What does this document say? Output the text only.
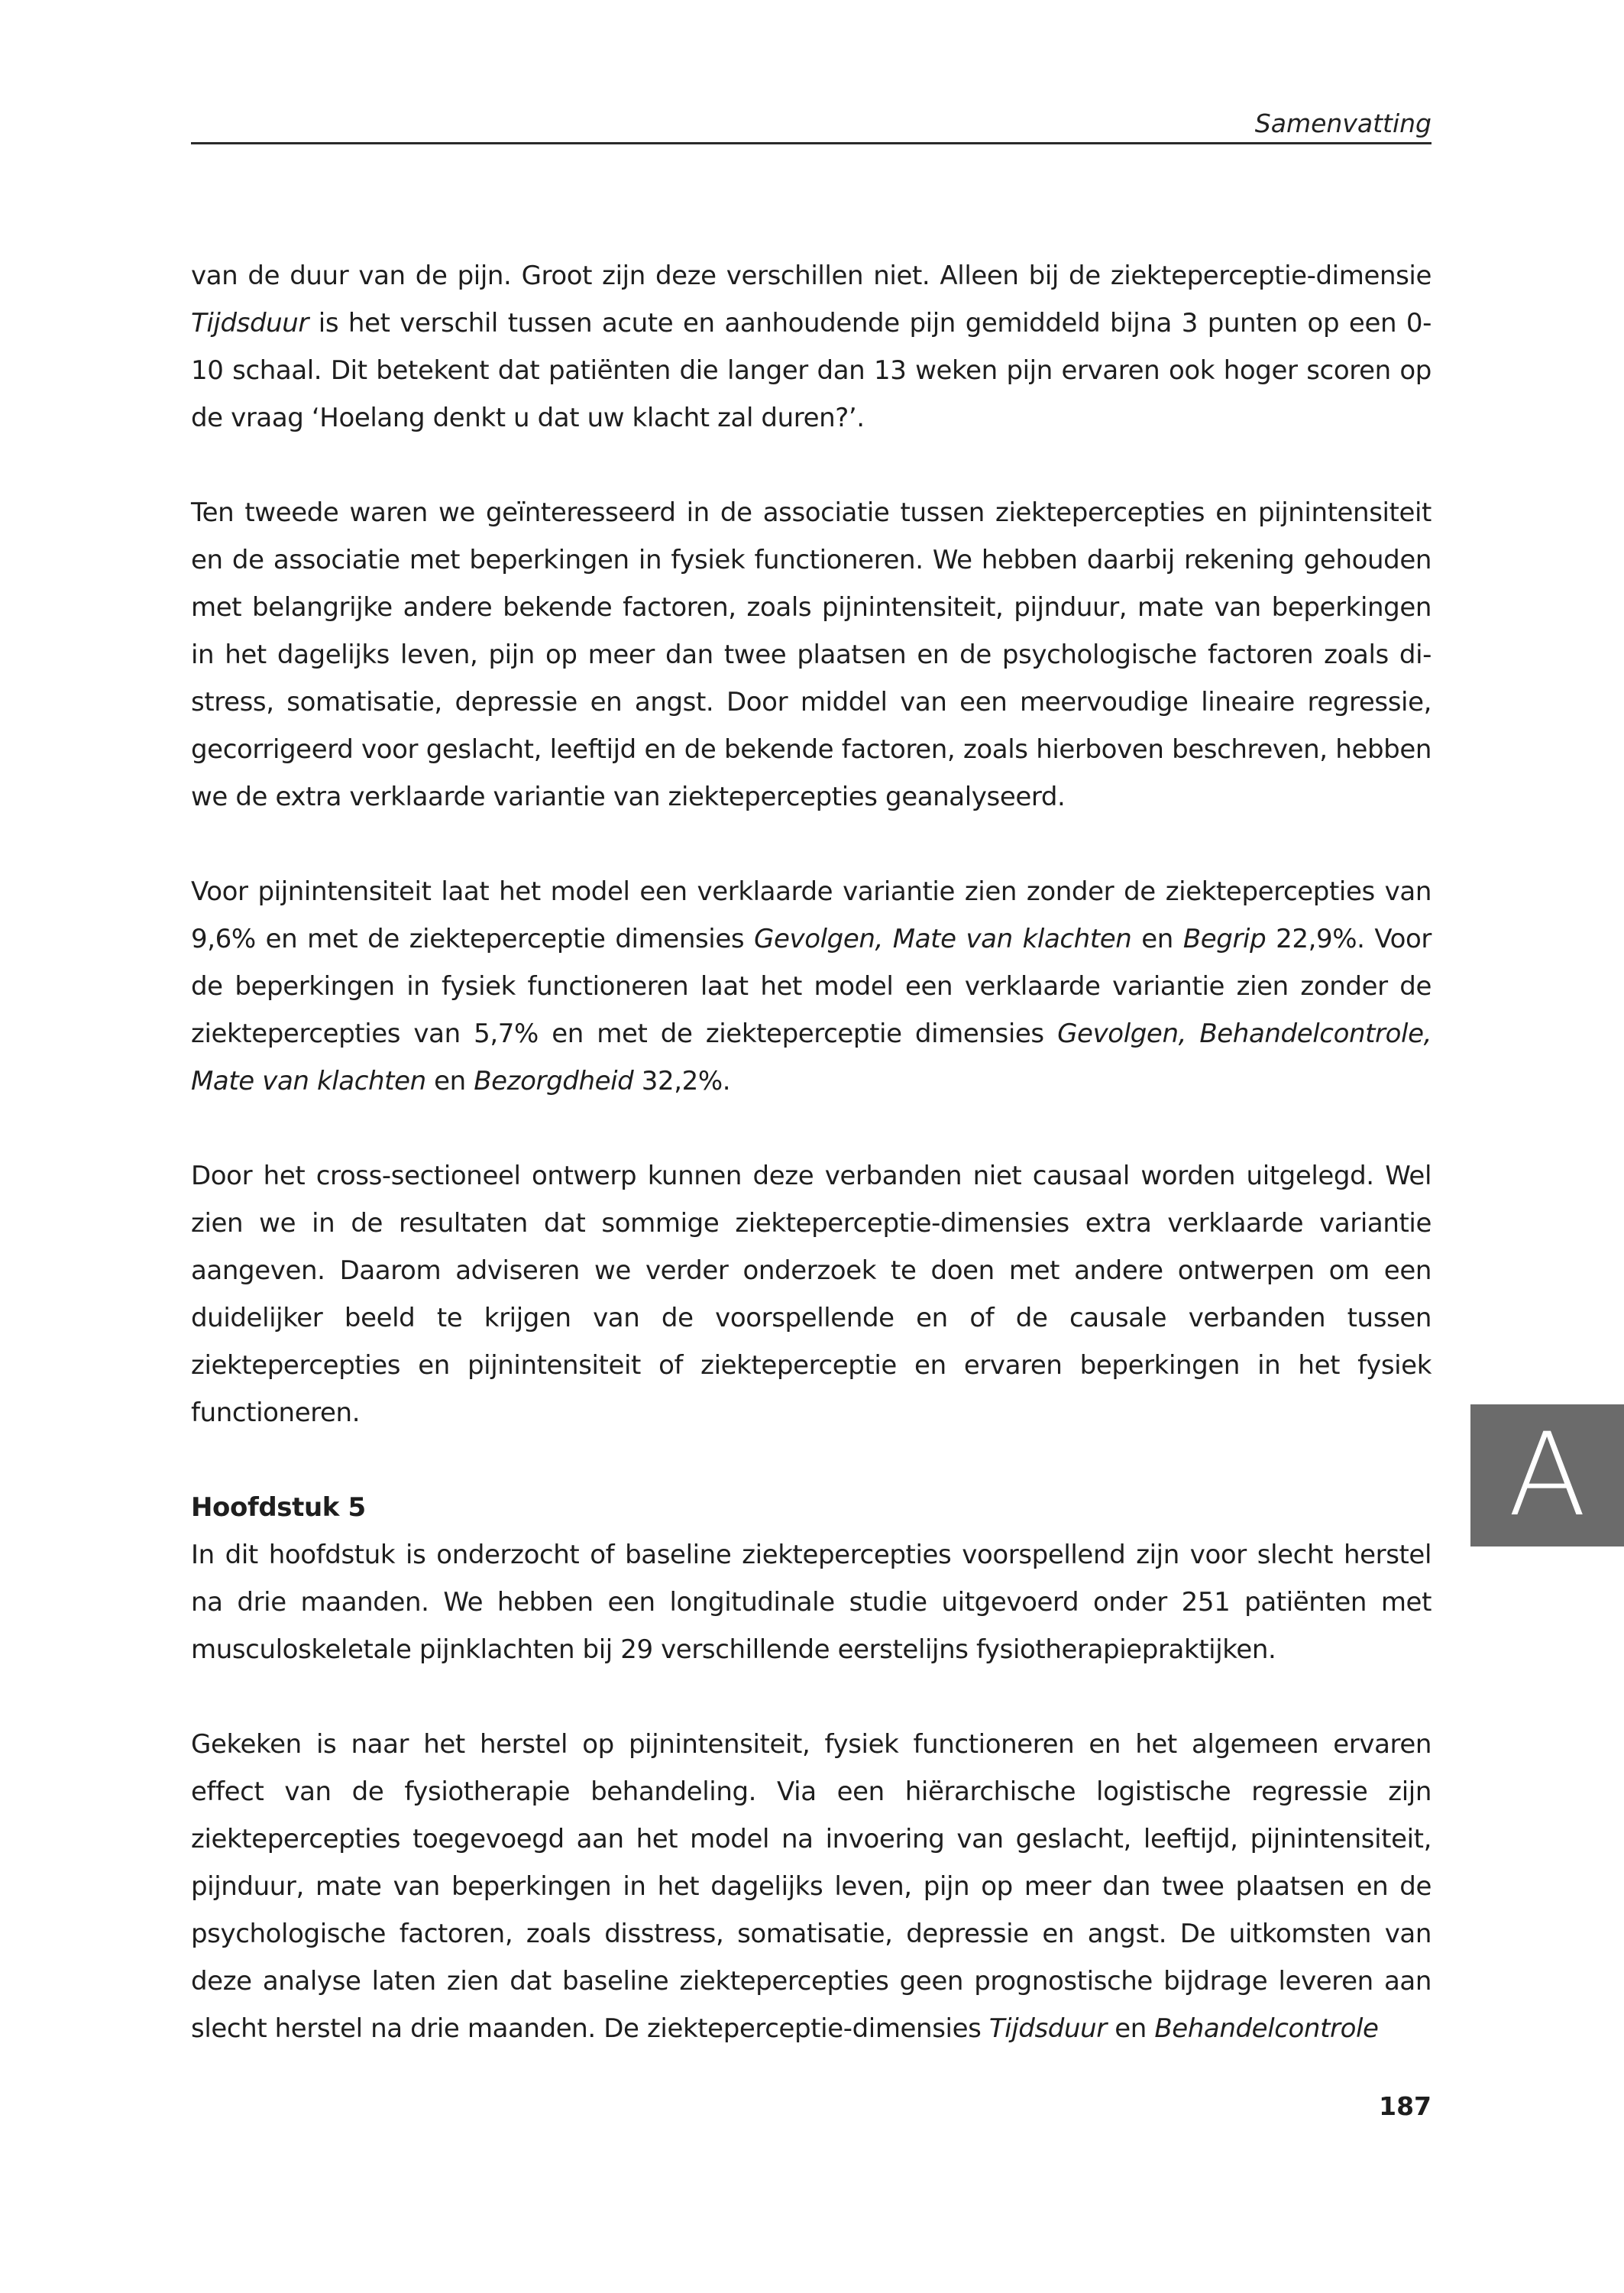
Samenvatting

van de duur van de pijn. Groot zijn deze verschillen niet. Alleen bij de ziekteperceptie-dimensie Tijdsduur is het verschil tussen acute en aanhoudende pijn gemiddeld bijna 3 punten op een 0-10 schaal. Dit betekent dat patiënten die langer dan 13 weken pijn ervaren ook hoger scoren op de vraag ‘Hoelang denkt u dat uw klacht zal duren?’.

Ten tweede waren we geïnteresseerd in de associatie tussen ziektepercepties en pijnintensiteit en de associatie met beperkingen in fysiek functioneren. We hebben daarbij rekening gehouden met belangrijke andere bekende factoren, zoals pijnintensiteit, pijnduur, mate van beperkingen in het dagelijks leven, pijn op meer dan twee plaatsen en de psychologische factoren zoals di-stress, somatisatie, depressie en angst. Door middel van een meervoudige lineaire regressie, gecorrigeerd voor geslacht, leeftijd en de bekende factoren, zoals hierboven beschreven, hebben we de extra verklaarde variantie van ziektepercepties geanalyseerd.

Voor pijnintensiteit laat het model een verklaarde variantie zien zonder de ziektepercepties van 9,6% en met de ziekteperceptie dimensies Gevolgen, Mate van klachten en Begrip 22,9%. Voor de beperkingen in fysiek functioneren laat het model een verklaarde variantie zien zonder de ziektepercepties van 5,7% en met de ziekteperceptie dimensies Gevolgen, Behandelcontrole, Mate van klachten en Bezorgdheid 32,2%.

Door het cross-sectioneel ontwerp kunnen deze verbanden niet causaal worden uitgelegd. Wel zien we in de resultaten dat sommige ziekteperceptie-dimensies extra verklaarde variantie aangeven. Daarom adviseren we verder onderzoek te doen met andere ontwerpen om een duidelijker beeld te krijgen van de voorspellende en of de causale verbanden tussen ziektepercepties en pijnintensiteit of ziekteperceptie en ervaren beperkingen in het fysiek functioneren.

Hoofdstuk 5

In dit hoofdstuk is onderzocht of baseline ziektepercepties voorspellend zijn voor slecht herstel na drie maanden. We hebben een longitudinale studie uitgevoerd onder 251 patiënten met musculoskeletale pijnklachten bij 29 verschillende eerstelijns fysiotherapiepraktijken.

Gekeken is naar het herstel op pijnintensiteit, fysiek functioneren en het algemeen ervaren effect van de fysiotherapie behandeling. Via een hiërarchische logistische regressie zijn ziektepercepties toegevoegd aan het model na invoering van geslacht, leeftijd, pijnintensiteit, pijnduur, mate van beperkingen in het dagelijks leven, pijn op meer dan twee plaatsen en de psychologische factoren, zoals disstress, somatisatie, depressie en angst. De uitkomsten van deze analyse laten zien dat baseline ziektepercepties geen prognostische bijdrage leveren aan slecht herstel na drie maanden. De ziekteperceptie-dimensies Tijdsduur en Behandelcontrole

A
187
